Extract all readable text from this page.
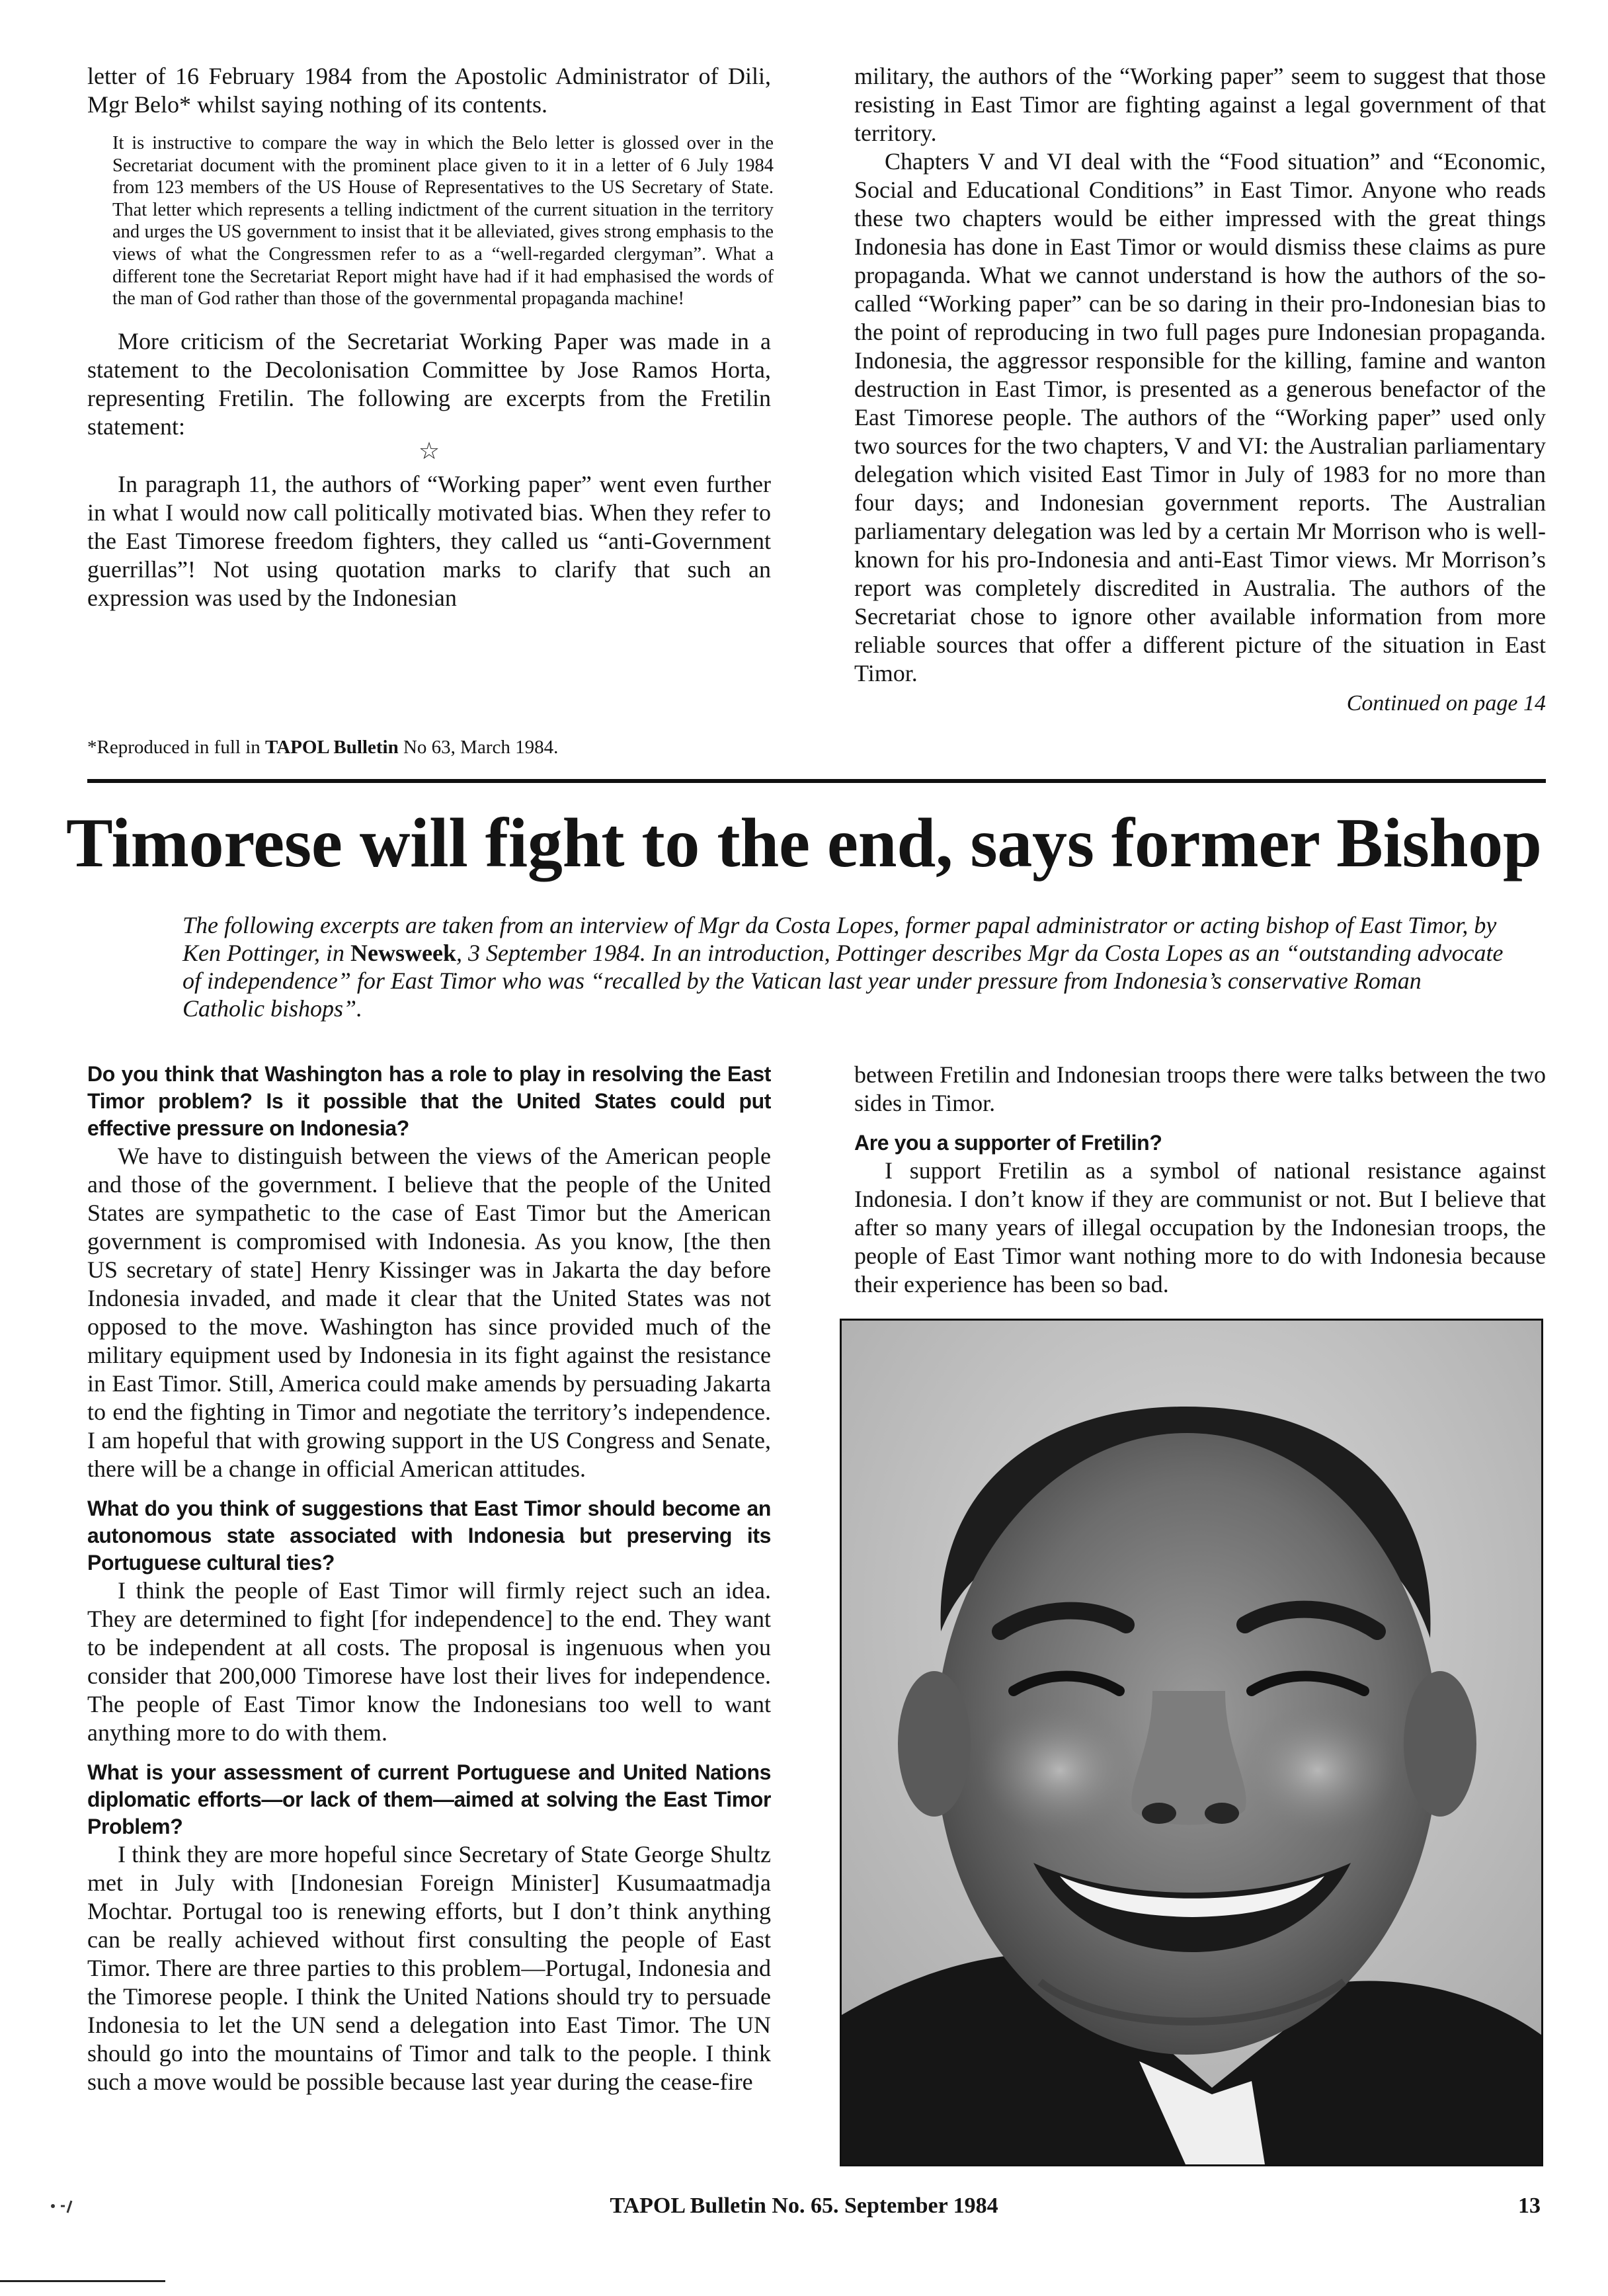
letter of 16 February 1984 from the Apostolic Administrator of Dili, Mgr Belo* whilst saying nothing of its contents.

It is instructive to compare the way in which the Belo letter is glossed over in the Secretariat document with the prominent place given to it in a letter of 6 July 1984 from 123 members of the US House of Representatives to the US Secretary of State. That letter which represents a telling indictment of the current situation in the territory and urges the US government to insist that it be alleviated, gives strong emphasis to the views of what the Congressmen refer to as a “well-regarded clergyman”. What a different tone the Secretariat Report might have had if it had emphasised the words of the man of God rather than those of the governmental propaganda machine!

More criticism of the Secretariat Working Paper was made in a statement to the Decolonisation Committee by Jose Ramos Horta, representing Fretilin. The following are excerpts from the Fretilin statement:

☆

In paragraph 11, the authors of “Working paper” went even further in what I would now call politically motivated bias. When they refer to the East Timorese freedom fighters, they called us “anti-Government guerrillas”! Not using quotation marks to clarify that such an expression was used by the Indonesian

*Reproduced in full in TAPOL Bulletin No 63, March 1984.

military, the authors of the “Working paper” seem to suggest that those resisting in East Timor are fighting against a legal government of that territory.

Chapters V and VI deal with the “Food situation” and “Economic, Social and Educational Conditions” in East Timor. Anyone who reads these two chapters would be either impressed with the great things Indonesia has done in East Timor or would dismiss these claims as pure propaganda. What we cannot understand is how the authors of the so-called “Working paper” can be so daring in their pro-Indonesian bias to the point of reproducing in two full pages pure Indonesian propaganda. Indonesia, the aggressor responsible for the killing, famine and wanton destruction in East Timor, is presented as a generous benefactor of the East Timorese people. The authors of the “Working paper” used only two sources for the two chapters, V and VI: the Australian parliamentary delegation which visited East Timor in July of 1983 for no more than four days; and Indonesian government reports. The Australian parliamentary delegation was led by a certain Mr Morrison who is well-known for his pro-Indonesia and anti-East Timor views. Mr Morrison’s report was completely discredited in Australia. The authors of the Secretariat chose to ignore other available information from more reliable sources that offer a different picture of the situation in East Timor.

Continued on page 14
Timorese will fight to the end, says former Bishop
The following excerpts are taken from an interview of Mgr da Costa Lopes, former papal administrator or acting bishop of East Timor, by Ken Pottinger, in Newsweek, 3 September 1984. In an introduction, Pottinger describes Mgr da Costa Lopes as an “outstanding advocate of independence” for East Timor who was “recalled by the Vatican last year under pressure from Indonesia’s conservative Roman Catholic bishops”.

Do you think that Washington has a role to play in resolving the East Timor problem? Is it possible that the United States could put effective pressure on Indonesia?

We have to distinguish between the views of the American people and those of the government. I believe that the people of the United States are sympathetic to the case of East Timor but the American government is compromised with Indonesia. As you know, [the then US secretary of state] Henry Kissinger was in Jakarta the day before Indonesia invaded, and made it clear that the United States was not opposed to the move. Washington has since provided much of the military equipment used by Indonesia in its fight against the resistance in East Timor. Still, America could make amends by persuading Jakarta to end the fighting in Timor and negotiate the territory’s independence. I am hopeful that with growing support in the US Congress and Senate, there will be a change in official American attitudes.

What do you think of suggestions that East Timor should become an autonomous state associated with Indonesia but preserving its Portuguese cultural ties?

I think the people of East Timor will firmly reject such an idea. They are determined to fight [for independence] to the end. They want to be independent at all costs. The proposal is ingenuous when you consider that 200,000 Timorese have lost their lives for independence. The people of East Timor know the Indonesians too well to want anything more to do with them.

What is your assessment of current Portuguese and United Nations diplomatic efforts—or lack of them—aimed at solving the East Timor Problem?

I think they are more hopeful since Secretary of State George Shultz met in July with [Indonesian Foreign Minister] Kusumaatmadja Mochtar. Portugal too is renewing efforts, but I don’t think anything can be really achieved without first consulting the people of East Timor. There are three parties to this problem—Portugal, Indonesia and the Timorese people. I think the United Nations should try to persuade Indonesia to let the UN send a delegation into East Timor. The UN should go into the mountains of Timor and talk to the people. I think such a move would be possible because last year during the cease-fire

between Fretilin and Indonesian troops there were talks between the two sides in Timor.

Are you a supporter of Fretilin?

I support Fretilin as a symbol of national resistance against Indonesia. I don’t know if they are communist or not. But I believe that after so many years of illegal occupation by the Indonesian troops, the people of East Timor want nothing more to do with Indonesia because their experience has been so bad.

TAPOL Bulletin No. 65. September 1984	13
